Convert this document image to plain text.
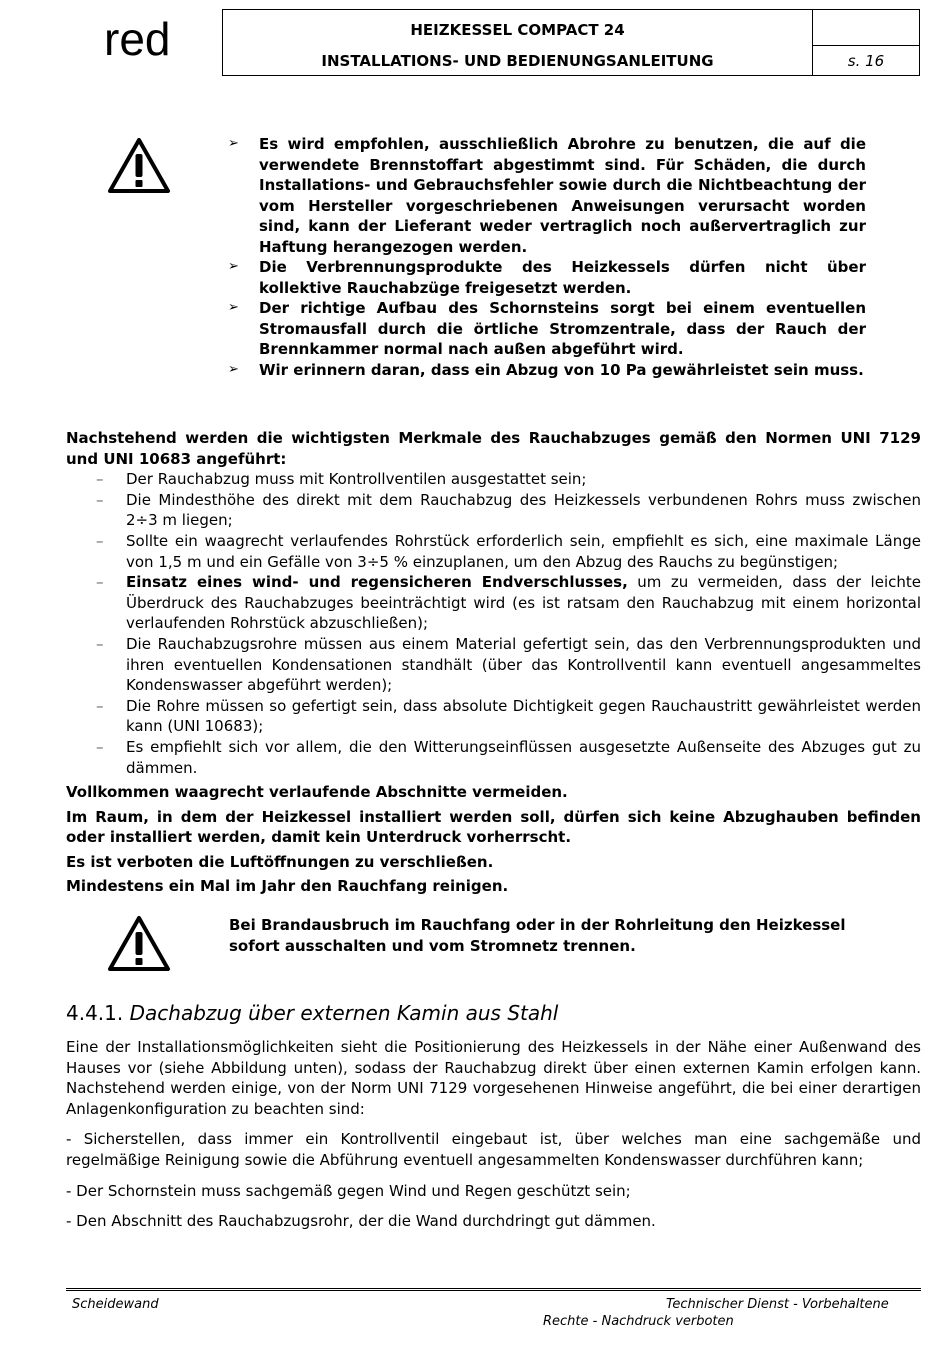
red	HEIZKESSEL COMPACT 24
INSTALLATIONS- UND BEDIENUNGSANLEITUNG	s. 16
➢ Es wird empfohlen, ausschließlich Abrohre zu benutzen, die auf die verwendete Brennstoffart abgestimmt sind. Für Schäden, die durch Installations- und Gebrauchsfehler sowie durch die Nichtbeachtung der vom Hersteller vorgeschriebenen Anweisungen verursacht worden sind, kann der Lieferant weder vertraglich noch außervertraglich zur Haftung herangezogen werden.
➢ Die Verbrennungsprodukte des Heizkessels dürfen nicht über kollektive Rauchabzüge freigesetzt werden.
➢ Der richtige Aufbau des Schornsteins sorgt bei einem eventuellen Stromausfall durch die örtliche Stromzentrale, dass der Rauch der Brennkammer normal nach außen abgeführt wird.
➢ Wir erinnern daran, dass ein Abzug von 10 Pa gewährleistet sein muss.

Nachstehend werden die wichtigsten Merkmale des Rauchabzuges gemäß den Normen UNI 7129 und UNI 10683 angeführt:

– Der Rauchabzug muss mit Kontrollventilen ausgestattet sein;
– Die Mindesthöhe des direkt mit dem Rauchabzug des Heizkessels verbundenen Rohrs muss zwischen 2÷3 m liegen;
– Sollte ein waagrecht verlaufendes Rohrstück erforderlich sein, empfiehlt es sich, eine maximale Länge von 1,5 m und ein Gefälle von 3÷5 % einzuplanen, um den Abzug des Rauchs zu begünstigen;
– Einsatz eines wind- und regensicheren Endverschlusses, um zu vermeiden, dass der leichte Überdruck des Rauchabzuges beeinträchtigt wird (es ist ratsam den Rauchabzug mit einem horizontal verlaufenden Rohrstück abzuschließen);
– Die Rauchabzugsrohre müssen aus einem Material gefertigt sein, das den Verbrennungsprodukten und ihren eventuellen Kondensationen standhält (über das Kontrollventil kann eventuell angesammeltes Kondenswasser abgeführt werden);
– Die Rohre müssen so gefertigt sein, dass absolute Dichtigkeit gegen Rauchaustritt gewährleistet werden kann (UNI 10683);
– Es empfiehlt sich vor allem, die den Witterungseinflüssen ausgesetzte Außenseite des Abzuges gut zu dämmen.

Vollkommen waagrecht verlaufende Abschnitte vermeiden.

Im Raum, in dem der Heizkessel installiert werden soll, dürfen sich keine Abzughauben befinden oder installiert werden, damit kein Unterdruck vorherrscht.

Es ist verboten die Luftöffnungen zu verschließen.

Mindestens ein Mal im Jahr den Rauchfang reinigen.

Bei Brandausbruch im Rauchfang oder in der Rohrleitung den Heizkessel sofort ausschalten und vom Stromnetz trennen.
4.4.1. Dachabzug über externen Kamin aus Stahl

Eine der Installationsmöglichkeiten sieht die Positionierung des Heizkessels in der Nähe einer Außenwand des Hauses vor (siehe Abbildung unten), sodass der Rauchabzug direkt über einen externen Kamin erfolgen kann. Nachstehend werden einige, von der Norm UNI 7129 vorgesehenen Hinweise angeführt, die bei einer derartigen Anlagenkonfiguration zu beachten sind:

- Sicherstellen, dass immer ein Kontrollventil eingebaut ist, über welches man eine sachgemäße und regelmäßige Reinigung sowie die Abführung eventuell angesammelten Kondenswasser durchführen kann;

- Der Schornstein muss sachgemäß gegen Wind und Regen geschützt sein;

- Den Abschnitt des Rauchabzugsrohr, der die Wand durchdringt gut dämmen.

Scheidewand	Technischer Dienst - Vorbehaltene
Rechte - Nachdruck verboten
